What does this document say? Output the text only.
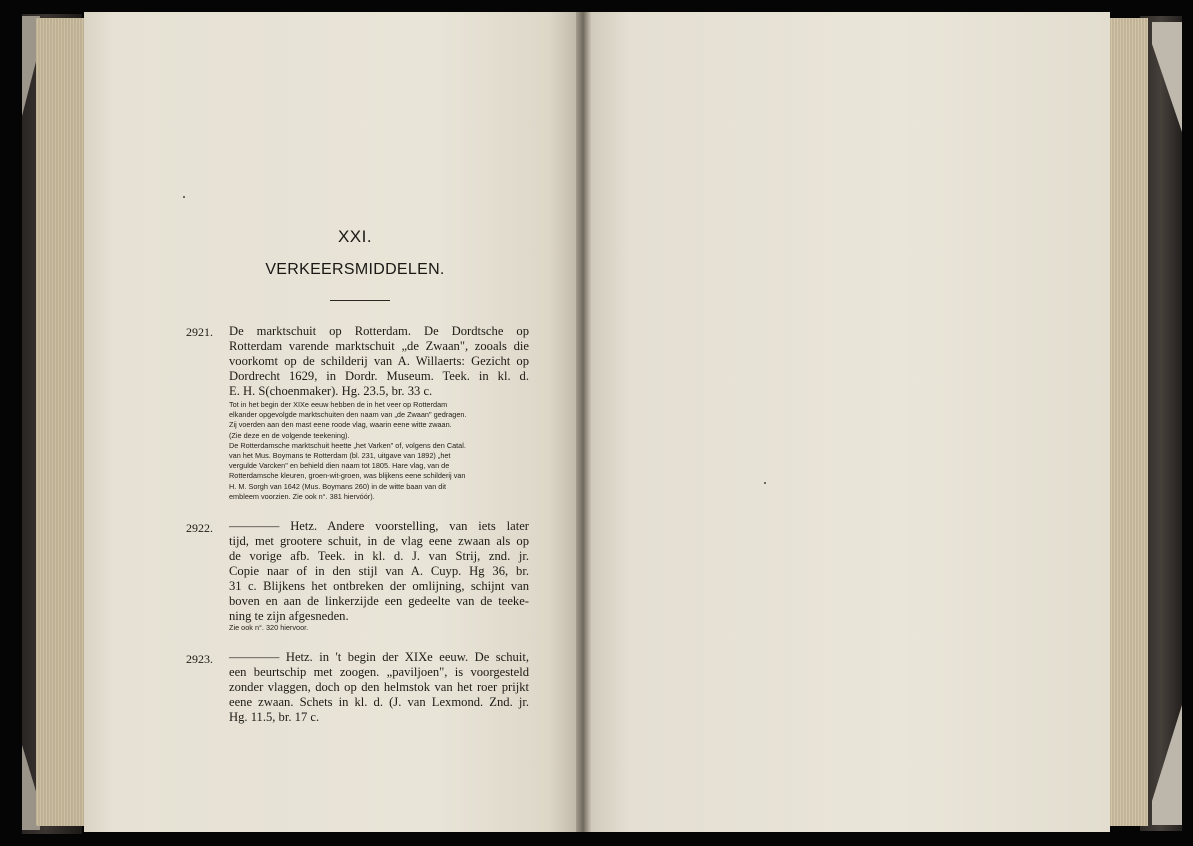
XXI.
VERKEERSMIDDELEN.
2921. De marktschuit op Rotterdam. De Dordtsche op
Rotterdam varende marktschuit „de Zwaan", zooals die
voorkomt op de schilderij van A. Willaerts: Gezicht op
Dordrecht 1629, in Dordr. Museum. Teek. in kl. d.
E. H. S(choenmaker). Hg. 23.5, br. 33 c.
Tot in het begin der XIXe eeuw hebben de in het veer op Rotterdam
elkander opgevolgde marktschuiten den naam van „de Zwaan" gedragen.
Zij voerden aan den mast eene roode vlag, waarin eene witte zwaan.
(Zie deze en de volgende teekening).
De Rotterdamsche marktschuit heette „het Varken" of, volgens den Catal.
van het Mus. Boymans te Rotterdam (bl. 231, uitgave van 1892) „het
vergulde Varcken" en behield dien naam tot 1805. Hare vlag, van de
Rotterdamsche kleuren, groen-wit-groen, was blijkens eene schilderij van
H. M. Sorgh van 1642 (Mus. Boymans 260) in de witte baan van dit
embleem voorzien. Zie ook n°. 381 hiervóór).
2922. ———— Hetz. Andere voorstelling, van iets later
tijd, met grootere schuit, in de vlag eene zwaan als op
de vorige afb. Teek. in kl. d. J. van Strij, znd. jr.
Copie naar of in den stijl van A. Cuyp. Hg 36, br.
31 c. Blijkens het ontbreken der omlijning, schijnt van
boven en aan de linkerzijde een gedeelte van de teeke-
ning te zijn afgesneden.
Zie ook n°. 320 hiervoor.
2923. ———— Hetz. in 't begin der XIXe eeuw. De schuit,
een beurtschip met zoogen. „paviljoen", is voorgesteld
zonder vlaggen, doch op den helmstok van het roer prijkt
eene zwaan. Schets in kl. d. (J. van Lexmond. Znd. jr.
Hg. 11.5, br. 17 c.
